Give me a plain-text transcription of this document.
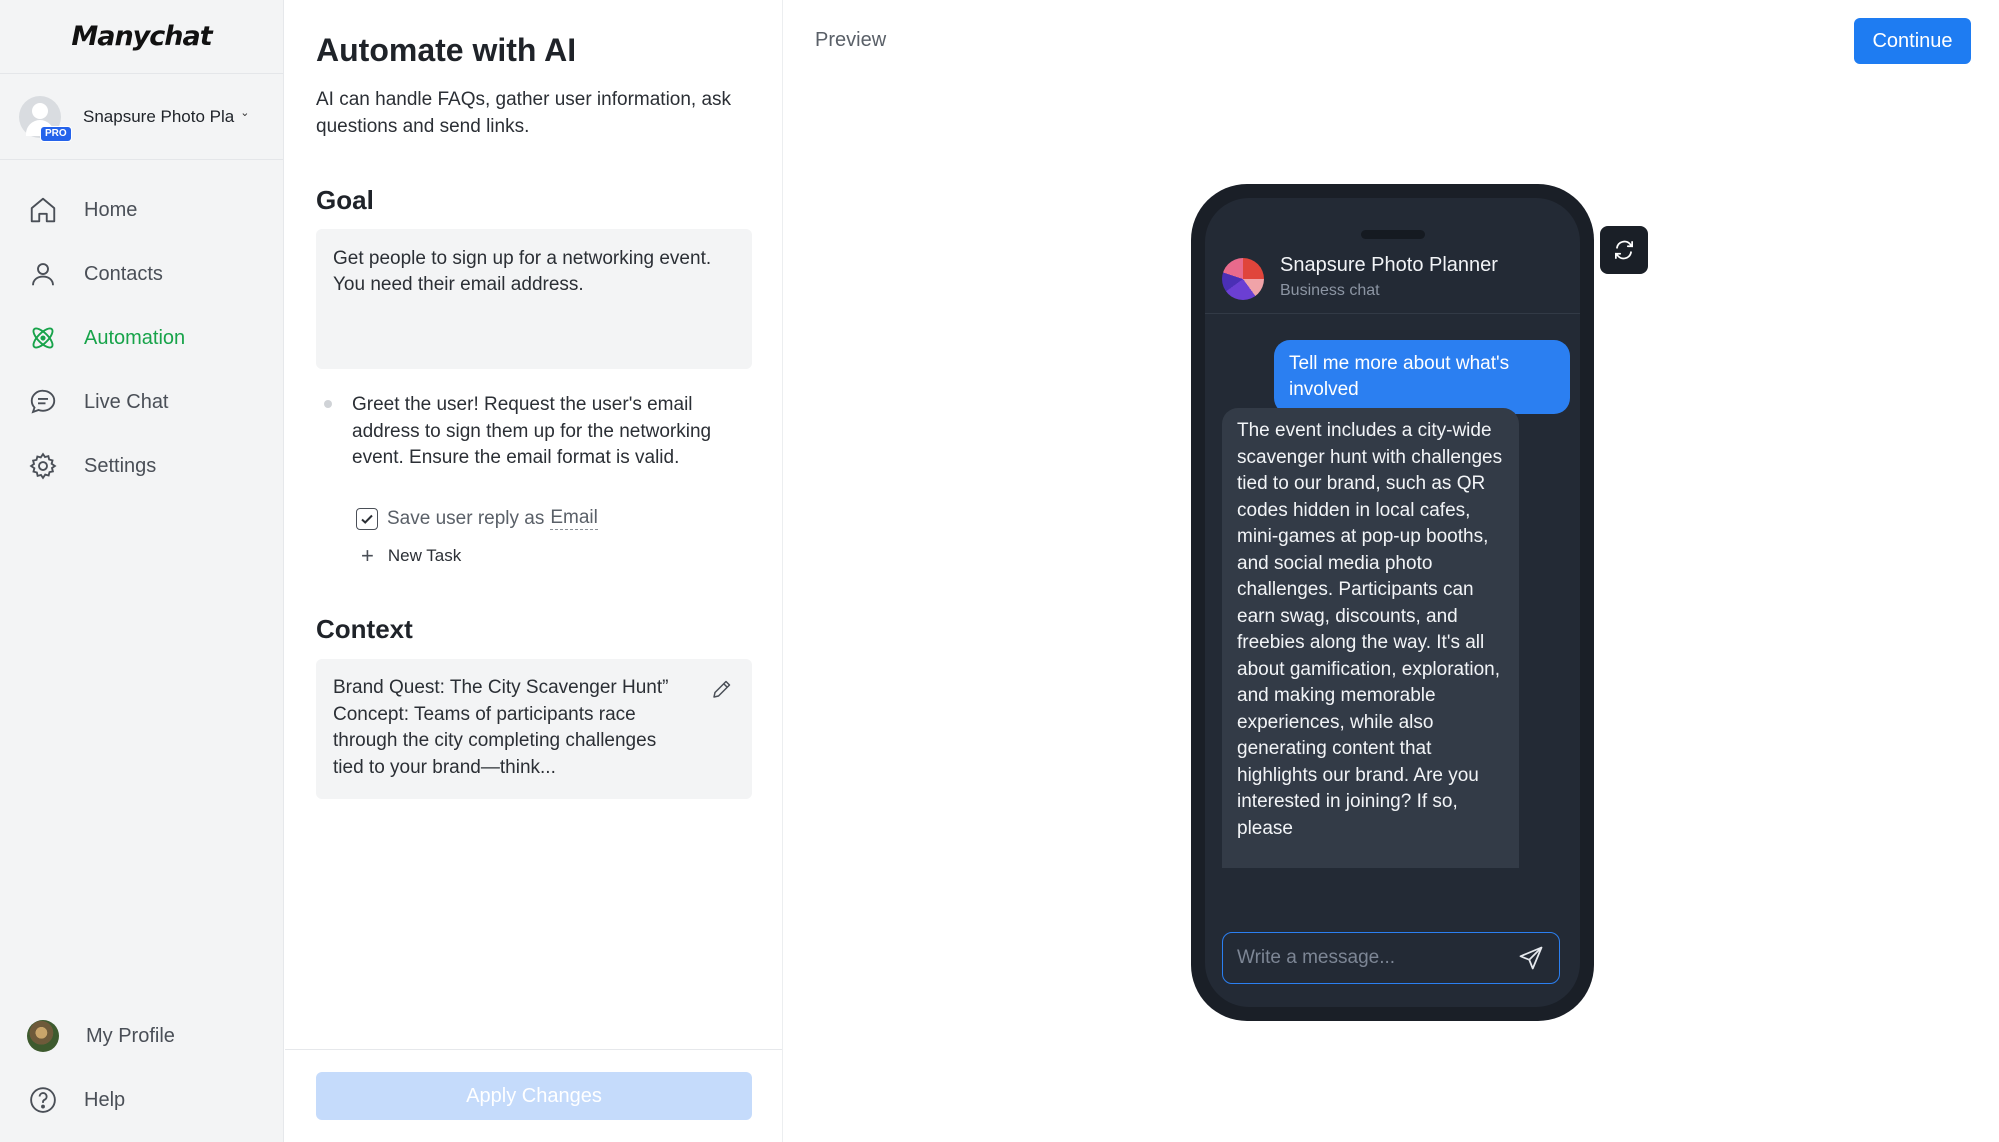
Manychat
PRO
Snapsure Photo Pla ⌄
Home
Contacts
Automation
Live Chat
Settings
My Profile
Help
Automate with AI

AI can handle FAQs, gather user information, ask questions and send links.

Goal
Get people to sign up for a networking event. You need their email address.

Greet the user! Request the user's email address to sign them up for the networking event. Ensure the email format is valid.

Save user reply as Email
+ New Task
Context
Brand Quest: The City Scavenger Hunt” Concept: Teams of participants race through the city completing challenges tied to your brand—think...
Apply Changes
Preview	Continue
Snapsure Photo Planner
Business chat
Tell me more about what's involved
The event includes a city-wide scavenger hunt with challenges tied to our brand, such as QR codes hidden in local cafes, mini-games at pop-up booths, and social media photo challenges. Participants can earn swag, discounts, and freebies along the way. It's all about gamification, exploration, and making memorable experiences, while also generating content that highlights our brand. Are you interested in joining? If so, please
Write a message...
